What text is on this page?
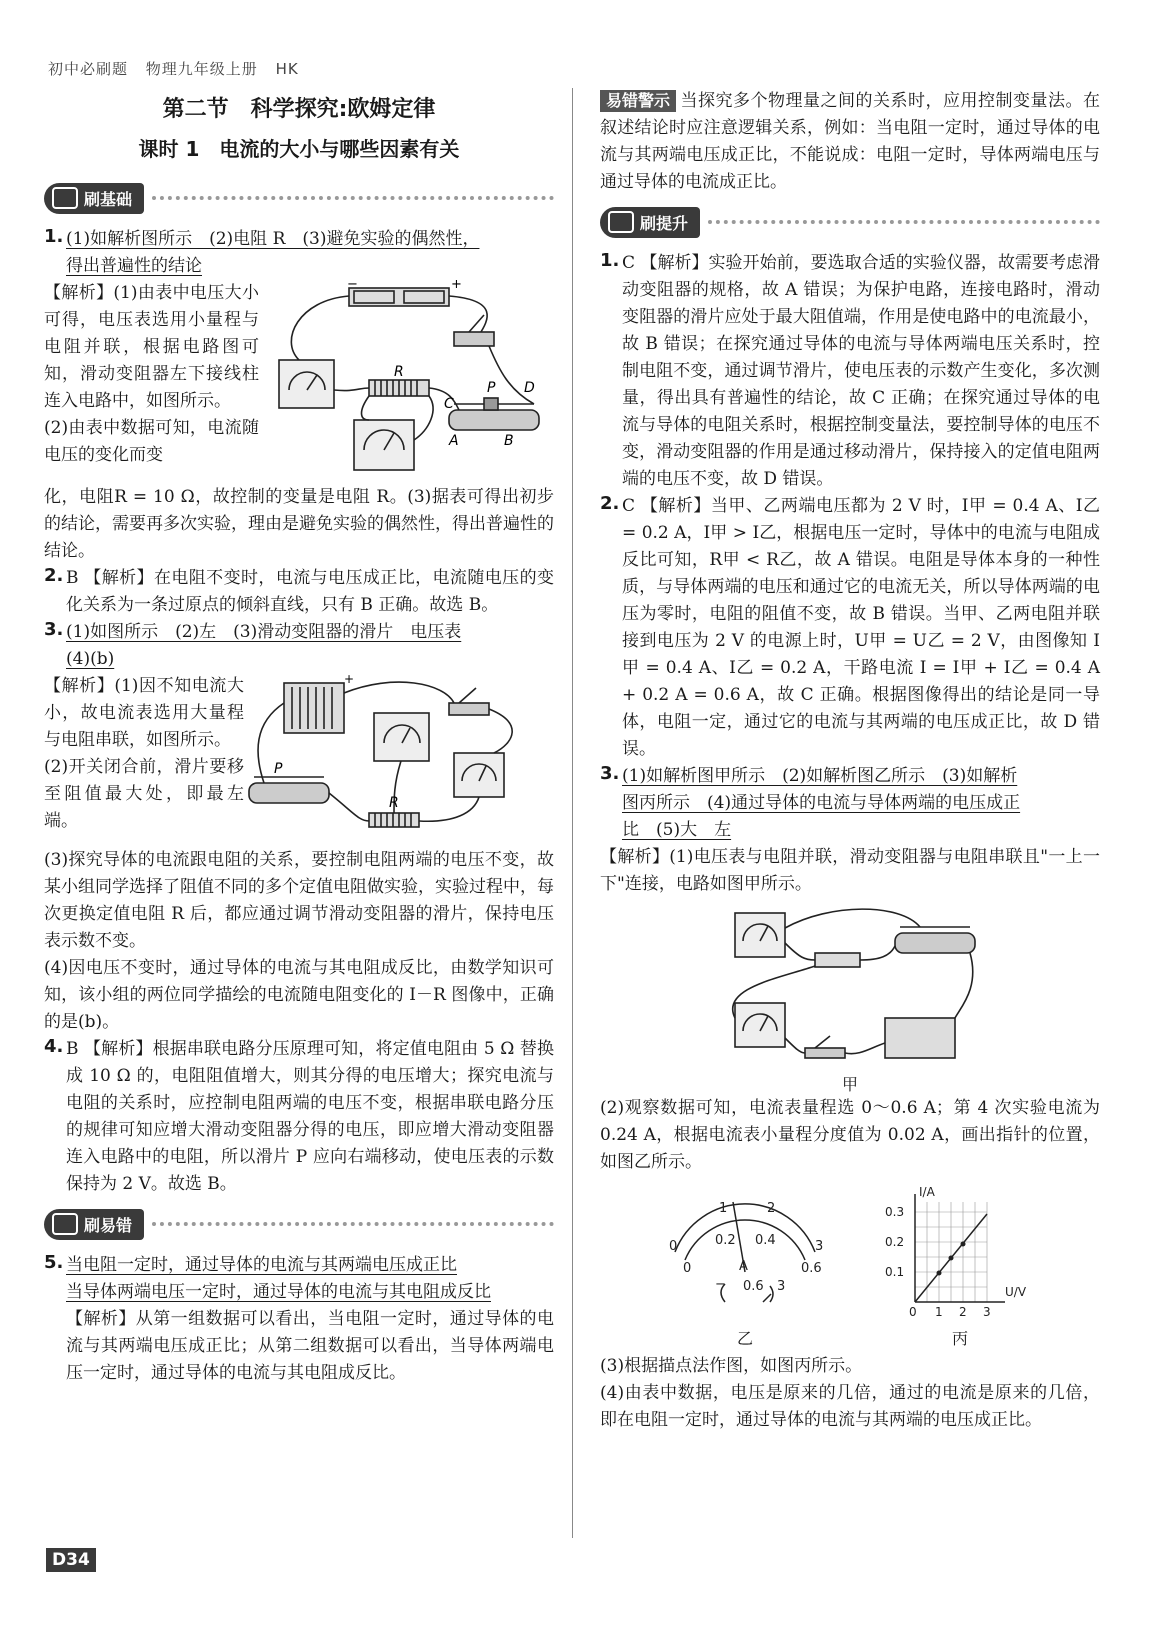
初中必刷题 物理九年级上册 HK
第二节　科学探究:欧姆定律
课时 1　电流的大小与哪些因素有关
刷基础
1. (1)如解析图所示　(2)电阻 R　(3)避免实验的偶然性，

得出普遍性的结论

【解析】(1)由表中电压大小可得，电压表选用小量程与电阻并联，根据电路图可知，滑动变阻器左下接线柱连入电路中，如图所示。

(2)由表中数据可知，电流随电压的变化而变

−	+
R
C
P D
A	B

化，电阻R = 10 Ω，故控制的变量是电阻 R。(3)据表可得出初步的结论，需要再多次实验，理由是避免实验的偶然性，得出普遍性的结论。

2. B 【解析】在电阻不变时，电流与电压成正比，电流随电压的变化关系为一条过原点的倾斜直线，只有 B 正确。故选 B。

3. (1)如图所示　(2)左　(3)滑动变阻器的滑片　电压表

(4)(b)

【解析】(1)因不知电流大小，故电流表选用大量程与电阻串联，如图所示。

(2)开关闭合前，滑片要移至阻值最大处，即最左端。

+
P
R

(3)探究导体的电流跟电阻的关系，要控制电阻两端的电压不变，故某小组同学选择了阻值不同的多个定值电阻做实验，实验过程中，每次更换定值电阻 R 后，都应通过调节滑动变阻器的滑片，保持电压表示数不变。

(4)因电压不变时，通过导体的电流与其电阻成反比，由数学知识可知，该小组的两位同学描绘的电流随电阻变化的 I－R 图像中，正确的是(b)。

4. B 【解析】根据串联电路分压原理可知，将定值电阻由 5 Ω 替换成 10 Ω 的，电阻阻值增大，则其分得的电压增大；探究电流与电阻的关系时，应控制电阻两端的电压不变，根据串联电路分压的规律可知应增大滑动变阻器分得的电压，即应增大滑动变阻器连入电路中的电阻，所以滑片 P 应向右端移动，使电压表的示数保持为 2 V。故选 B。

刷易错
5. 当电阻一定时，通过导体的电流与其两端电压成正比

当导体两端电压一定时，通过导体的电流与其电阻成反比

【解析】从第一组数据可以看出，当电阻一定时，通过导体的电流与其两端电压成正比；从第二组数据可以看出，当导体两端电压一定时，通过导体的电流与其电阻成反比。

易错警示 当探究多个物理量之间的关系时，应用控制变量法。在叙述结论时应注意逻辑关系，例如：当电阻一定时，通过导体的电流与其两端电压成正比，不能说成：电阻一定时，导体两端电压与通过导体的电流成正比。

刷提升
1. C 【解析】实验开始前，要选取合适的实验仪器，故需要考虑滑动变阻器的规格，故 A 错误；为保护电路，连接电路时，滑动变阻器的滑片应处于最大阻值端，作用是使电路中的电流最小，故 B 错误；在探究通过导体的电流与导体两端电压关系时，控制电阻不变，通过调节滑片，使电压表的示数产生变化，多次测量，得出具有普遍性的结论，故 C 正确；在探究通过导体的电流与导体的电阻关系时，根据控制变量法，要控制导体的电压不变，滑动变阻器的作用是通过移动滑片，保持接入的定值电阻两端的电压不变，故 D 错误。

2. C 【解析】当甲、乙两端电压都为 2 V 时，I甲 = 0.4 A、I乙 = 0.2 A，I甲 > I乙，根据电压一定时，导体中的电流与电阻成反比可知，R甲 < R乙，故 A 错误。电阻是导体本身的一种性质，与导体两端的电压和通过它的电流无关，所以导体两端的电压为零时，电阻的阻值不变，故 B 错误。当甲、乙两电阻并联接到电压为 2 V 的电源上时，U甲 = U乙 = 2 V，由图像知 I甲 = 0.4 A、I乙 = 0.2 A，干路电流 I = I甲 + I乙 = 0.4 A + 0.2 A = 0.6 A，故 C 正确。根据图像得出的结论是同一导体，电阻一定，通过它的电流与其两端的电压成正比，故 D 错误。

3. (1)如解析图甲所示　(2)如解析图乙所示　(3)如解析

图丙所示　(4)通过导体的电流与导体两端的电压成正

比　(5)大　左

【解析】(1)电压表与电阻并联，滑动变阻器与电阻串联且"一上一下"连接，电路如图甲所示。

甲

(2)观察数据可知，电流表量程选 0～0.6 A；第 4 次实验电流为 0.24 A，根据电流表小量程分度值为 0.02 A，画出指针的位置，如图乙所示。

0
1	2
3
0
0.2 0.4
0.6
A
− 0.6 3
乙
I/A
U/V
0.3
0.2
0.1
0 1 2 3
丙

(3)根据描点法作图，如图丙所示。

(4)由表中数据，电压是原来的几倍，通过的电流是原来的几倍，即在电阻一定时，通过导体的电流与其两端的电压成正比。

D34
